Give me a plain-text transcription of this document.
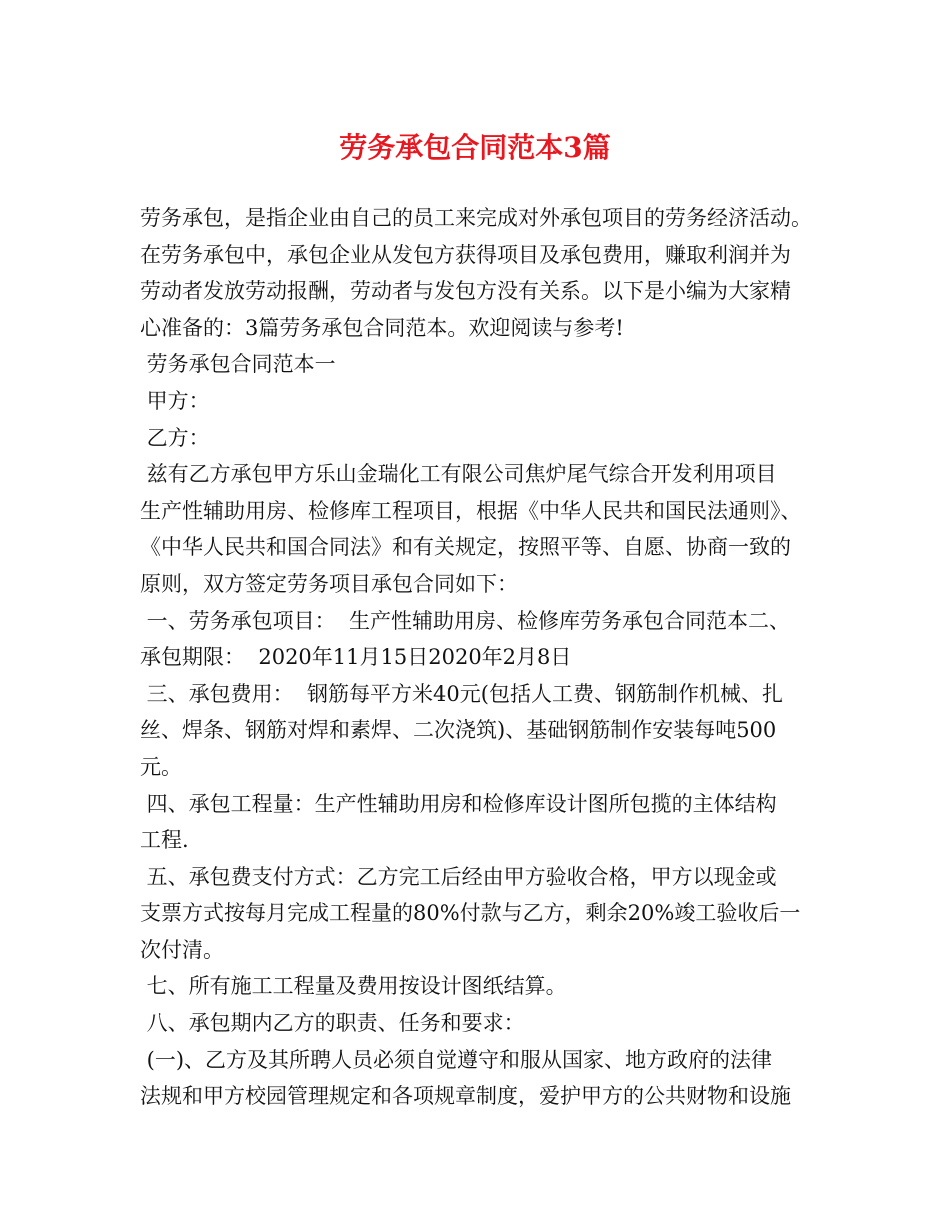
劳务承包合同范本3篇
劳务承包，是指企业由自己的员工来完成对外承包项目的劳务经济活动。
在劳务承包中，承包企业从发包方获得项目及承包费用，赚取利润并为
劳动者发放劳动报酬，劳动者与发包方没有关系。以下是小编为大家精
心准备的：3篇劳务承包合同范本。欢迎阅读与参考!
劳务承包合同范本一
甲方：
乙方：
兹有乙方承包甲方乐山金瑞化工有限公司焦炉尾气综合开发利用项目
生产性辅助用房、检修库工程项目，根据《中华人民共和国民法通则》、
《中华人民共和国合同法》和有关规定，按照平等、自愿、协商一致的
原则，双方签定劳务项目承包合同如下：
一、劳务承包项目：  生产性辅助用房、检修库劳务承包合同范本二、
承包期限：  2020年11月15日2020年2月8日
三、承包费用：  钢筋每平方米40元(包括人工费、钢筋制作机械、扎
丝、焊条、钢筋对焊和素焊、二次浇筑)、基础钢筋制作安装每吨500
元。
四、承包工程量：生产性辅助用房和检修库设计图所包揽的主体结构
工程.
五、承包费支付方式：乙方完工后经由甲方验收合格，甲方以现金或
支票方式按每月完成工程量的80%付款与乙方，剩余20%竣工验收后一
次付清。
七、所有施工工程量及费用按设计图纸结算。
八、承包期内乙方的职责、任务和要求：
(一)、乙方及其所聘人员必须自觉遵守和服从国家、地方政府的法律
法规和甲方校园管理规定和各项规章制度，爱护甲方的公共财物和设施
